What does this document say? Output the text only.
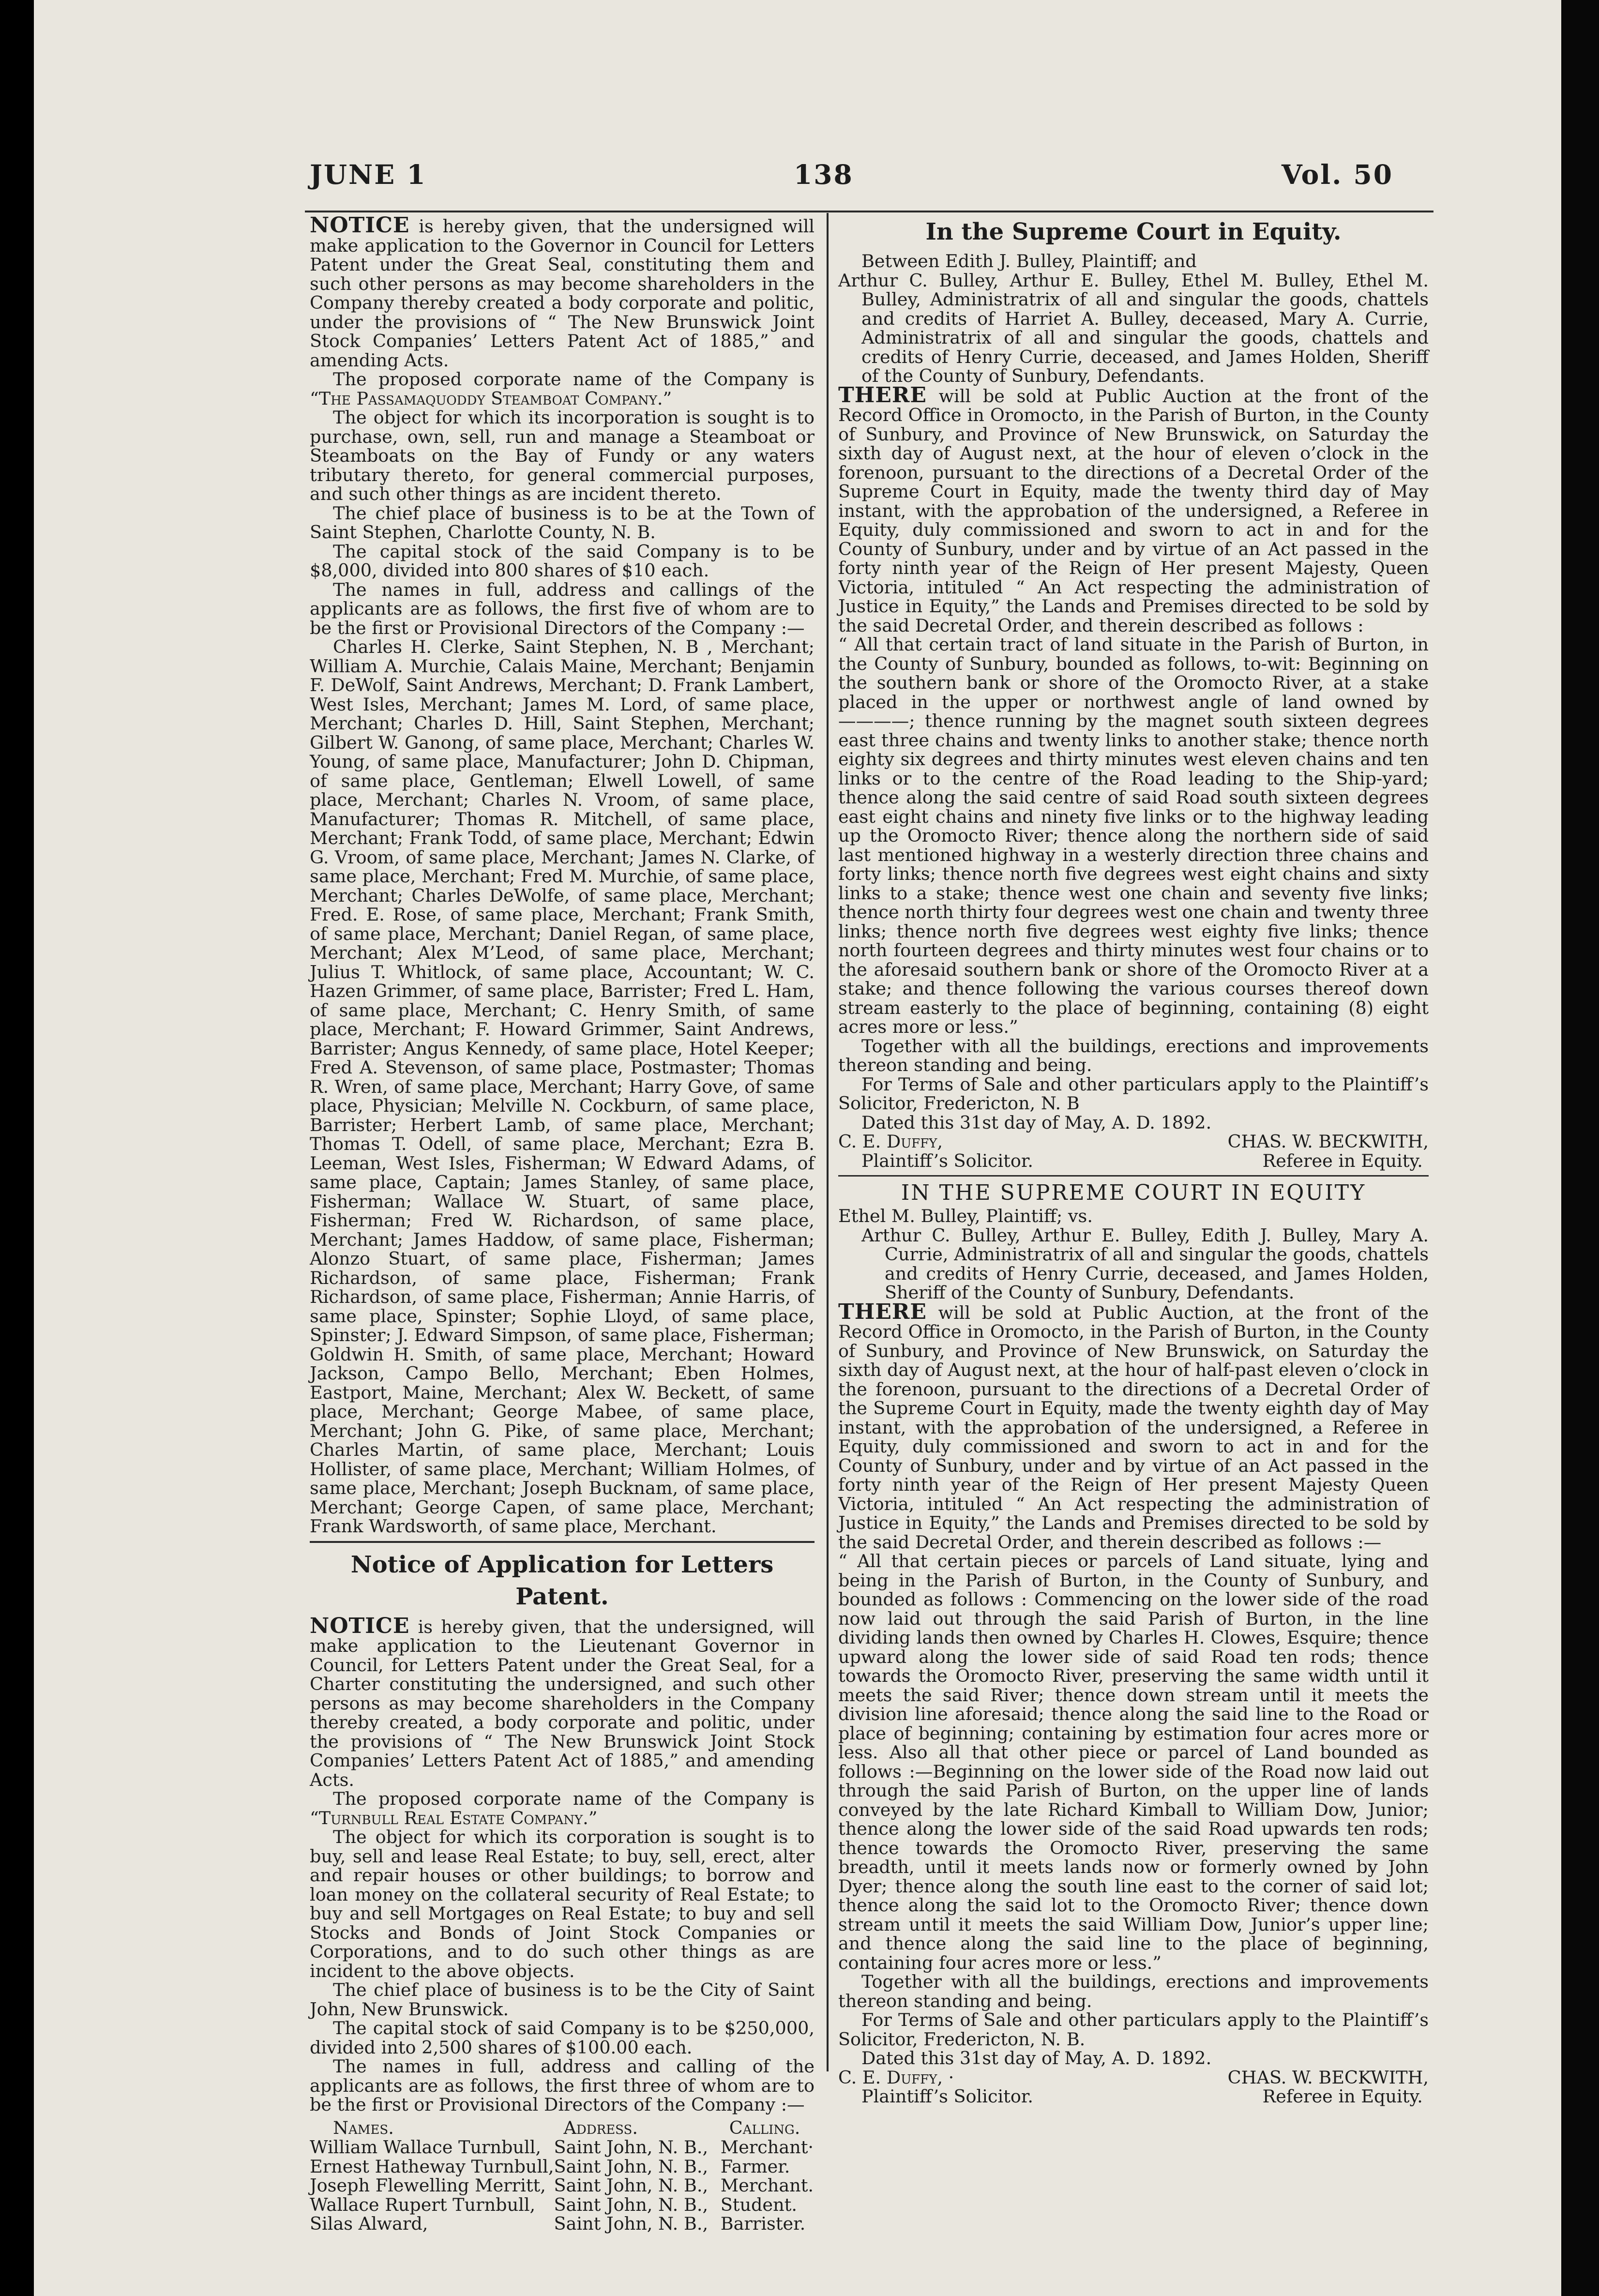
JUNE 1	138	Vol. 50

NOTICE is hereby given, that the undersigned will make application to the Governor in Council for Letters Patent under the Great Seal, constituting them and such other persons as may become shareholders in the Company thereby created a body corporate and politic, under the provisions of “ The New Brunswick Joint Stock Companies’ Letters Patent Act of 1885,” and amending Acts.

The proposed corporate name of the Company is “The Passamaquoddy Steamboat Company.”

The object for which its incorporation is sought is to purchase, own, sell, run and manage a Steamboat or Steamboats on the Bay of Fundy or any waters tributary thereto, for general commercial purposes, and such other things as are incident thereto.

The chief place of business is to be at the Town of Saint Stephen, Charlotte County, N. B.

The capital stock of the said Company is to be $8,000, divided into 800 shares of $10 each.

The names in full, address and callings of the applicants are as follows, the first five of whom are to be the first or Provisional Directors of the Company :—

Charles H. Clerke, Saint Stephen, N. B , Merchant; William A. Murchie, Calais Maine, Merchant; Benjamin F. DeWolf, Saint Andrews, Merchant; D. Frank Lambert, West Isles, Merchant; James M. Lord, of same place, Merchant; Charles D. Hill, Saint Stephen, Merchant; Gilbert W. Ganong, of same place, Merchant; Charles W. Young, of same place, Manufacturer; John D. Chipman, of same place, Gentleman; Elwell Lowell, of same place, Merchant; Charles N. Vroom, of same place, Manufacturer; Thomas R. Mitchell, of same place, Merchant; Frank Todd, of same place, Merchant; Edwin G. Vroom, of same place, Merchant; James N. Clarke, of same place, Merchant; Fred M. Murchie, of same place, Merchant; Charles DeWolfe, of same place, Merchant; Fred. E. Rose, of same place, Merchant; Frank Smith, of same place, Merchant; Daniel Regan, of same place, Merchant; Alex M’Leod, of same place, Merchant; Julius T. Whitlock, of same place, Accountant; W. C. Hazen Grimmer, of same place, Barrister; Fred L. Ham, of same place, Merchant; C. Henry Smith, of same place, Merchant; F. Howard Grimmer, Saint Andrews, Barrister; Angus Kennedy, of same place, Hotel Keeper; Fred A. Stevenson, of same place, Postmaster; Thomas R. Wren, of same place, Merchant; Harry Gove, of same place, Physician; Melville N. Cockburn, of same place, Barrister; Herbert Lamb, of same place, Merchant; Thomas T. Odell, of same place, Merchant; Ezra B. Leeman, West Isles, Fisherman; W Edward Adams, of same place, Captain; James Stanley, of same place, Fisherman; Wallace W. Stuart, of same place, Fisherman; Fred W. Richardson, of same place, Merchant; James Haddow, of same place, Fisherman; Alonzo Stuart, of same place, Fisherman; James Richardson, of same place, Fisherman; Frank Richardson, of same place, Fisherman; Annie Harris, of same place, Spinster; Sophie Lloyd, of same place, Spinster; J. Edward Simpson, of same place, Fisherman; Goldwin H. Smith, of same place, Merchant; Howard Jackson, Campo Bello, Merchant; Eben Holmes, Eastport, Maine, Merchant; Alex W. Beckett, of same place, Merchant; George Mabee, of same place, Merchant; John G. Pike, of same place, Merchant; Charles Martin, of same place, Merchant; Louis Hollister, of same place, Merchant; William Holmes, of same place, Merchant; Joseph Bucknam, of same place, Merchant; George Capen, of same place, Merchant; Frank Wardsworth, of same place, Merchant.

Notice of Application for Letters Patent.

NOTICE is hereby given, that the undersigned, will make application to the Lieutenant Governor in Council, for Letters Patent under the Great Seal, for a Charter constituting the undersigned, and such other persons as may become shareholders in the Company thereby created, a body corporate and politic, under the provisions of “ The New Brunswick Joint Stock Companies’ Letters Patent Act of 1885,” and amending Acts.

The proposed corporate name of the Company is “Turnbull Real Estate Company.”

The object for which its corporation is sought is to buy, sell and lease Real Estate; to buy, sell, erect, alter and repair houses or other buildings; to borrow and loan money on the collateral security of Real Estate; to buy and sell Mortgages on Real Estate; to buy and sell Stocks and Bonds of Joint Stock Companies or Corporations, and to do such other things as are incident to the above objects.

The chief place of business is to be the City of Saint John, New Brunswick.

The capital stock of said Company is to be $250,000, divided into 2,500 shares of $100.00 each.

The names in full, address and calling of the applicants are as follows, the first three of whom are to be the first or Provisional Directors of the Company :—

Names.	Address.	Calling.
William Wallace Turnbull,	Saint John, N. B.,	Merchant·
Ernest Hatheway Turnbull,	Saint John, N. B.,	Farmer.
Joseph Flewelling Merritt,	Saint John, N. B.,	Merchant.
Wallace Rupert Turnbull,	Saint John, N. B.,	Student.
Silas Alward,	Saint John, N. B.,	Barrister.
In the Supreme Court in Equity.

Between Edith J. Bulley, Plaintiff; and

Arthur C. Bulley, Arthur E. Bulley, Ethel M. Bulley, Ethel M. Bulley, Administratrix of all and singular the goods, chattels and credits of Harriet A. Bulley, deceased, Mary A. Currie, Administratrix of all and singular the goods, chattels and credits of Henry Currie, deceased, and James Holden, Sheriff of the County of Sunbury, Defendants.

THERE will be sold at Public Auction at the front of the Record Office in Oromocto, in the Parish of Burton, in the County of Sunbury, and Province of New Brunswick, on Saturday the sixth day of August next, at the hour of eleven o’clock in the forenoon, pursuant to the directions of a Decretal Order of the Supreme Court in Equity, made the twenty third day of May instant, with the approbation of the undersigned, a Referee in Equity, duly commissioned and sworn to act in and for the County of Sunbury, under and by virtue of an Act passed in the forty ninth year of the Reign of Her present Majesty, Queen Victoria, intituled “ An Act respecting the administration of Justice in Equity,” the Lands and Premises directed to be sold by the said Decretal Order, and therein described as follows :

“ All that certain tract of land situate in the Parish of Burton, in the County of Sunbury, bounded as follows, to-wit: Beginning on the southern bank or shore of the Oromocto River, at a stake placed in the upper or northwest angle of land owned by ————; thence running by the magnet south sixteen degrees east three chains and twenty links to another stake; thence north eighty six degrees and thirty minutes west eleven chains and ten links or to the centre of the Road leading to the Ship-yard; thence along the said centre of said Road south sixteen degrees east eight chains and ninety five links or to the highway leading up the Oromocto River; thence along the northern side of said last mentioned highway in a westerly direction three chains and forty links; thence north five degrees west eight chains and sixty links to a stake; thence west one chain and seventy five links; thence north thirty four degrees west one chain and twenty three links; thence north five degrees west eighty five links; thence north fourteen degrees and thirty minutes west four chains or to the aforesaid southern bank or shore of the Oromocto River at a stake; and thence following the various courses thereof down stream easterly to the place of beginning, containing (8) eight acres more or less.”

Together with all the buildings, erections and improvements thereon standing and being.

For Terms of Sale and other particulars apply to the Plaintiff’s Solicitor, Fredericton, N. B

Dated this 31st day of May, A. D. 1892.

C. E. Duffy,
Plaintiff’s Solicitor.
CHAS. W. BECKWITH,
Referee in Equity.
IN THE SUPREME COURT IN EQUITY

Ethel M. Bulley, Plaintiff; vs.

Arthur C. Bulley, Arthur E. Bulley, Edith J. Bulley, Mary A. Currie, Administratrix of all and singular the goods, chattels and credits of Henry Currie, deceased, and James Holden, Sheriff of the County of Sunbury, Defendants.

THERE will be sold at Public Auction, at the front of the Record Office in Oromocto, in the Parish of Burton, in the County of Sunbury, and Province of New Brunswick, on Saturday the sixth day of August next, at the hour of half-past eleven o’clock in the forenoon, pursuant to the directions of a Decretal Order of the Supreme Court in Equity, made the twenty eighth day of May instant, with the approbation of the undersigned, a Referee in Equity, duly commissioned and sworn to act in and for the County of Sunbury, under and by virtue of an Act passed in the forty ninth year of the Reign of Her present Majesty Queen Victoria, intituled “ An Act respecting the administration of Justice in Equity,” the Lands and Premises directed to be sold by the said Decretal Order, and therein described as follows :—

“ All that certain pieces or parcels of Land situate, lying and being in the Parish of Burton, in the County of Sunbury, and bounded as follows : Commencing on the lower side of the road now laid out through the said Parish of Burton, in the line dividing lands then owned by Charles H. Clowes, Esquire; thence upward along the lower side of said Road ten rods; thence towards the Oromocto River, preserving the same width until it meets the said River; thence down stream until it meets the division line aforesaid; thence along the said line to the Road or place of beginning; containing by estimation four acres more or less. Also all that other piece or parcel of Land bounded as follows :—Beginning on the lower side of the Road now laid out through the said Parish of Burton, on the upper line of lands conveyed by the late Richard Kimball to William Dow, Junior; thence along the lower side of the said Road upwards ten rods; thence towards the Oromocto River, preserving the same breadth, until it meets lands now or formerly owned by John Dyer; thence along the south line east to the corner of said lot; thence along the said lot to the Oromocto River; thence down stream until it meets the said William Dow, Junior’s upper line; and thence along the said line to the place of beginning, containing four acres more or less.”

Together with all the buildings, erections and improvements thereon standing and being.

For Terms of Sale and other particulars apply to the Plaintiff’s Solicitor, Fredericton, N. B.

Dated this 31st day of May, A. D. 1892.

C. E. Duffy, ·
Plaintiff’s Solicitor.
CHAS. W. BECKWITH,
Referee in Equity.
